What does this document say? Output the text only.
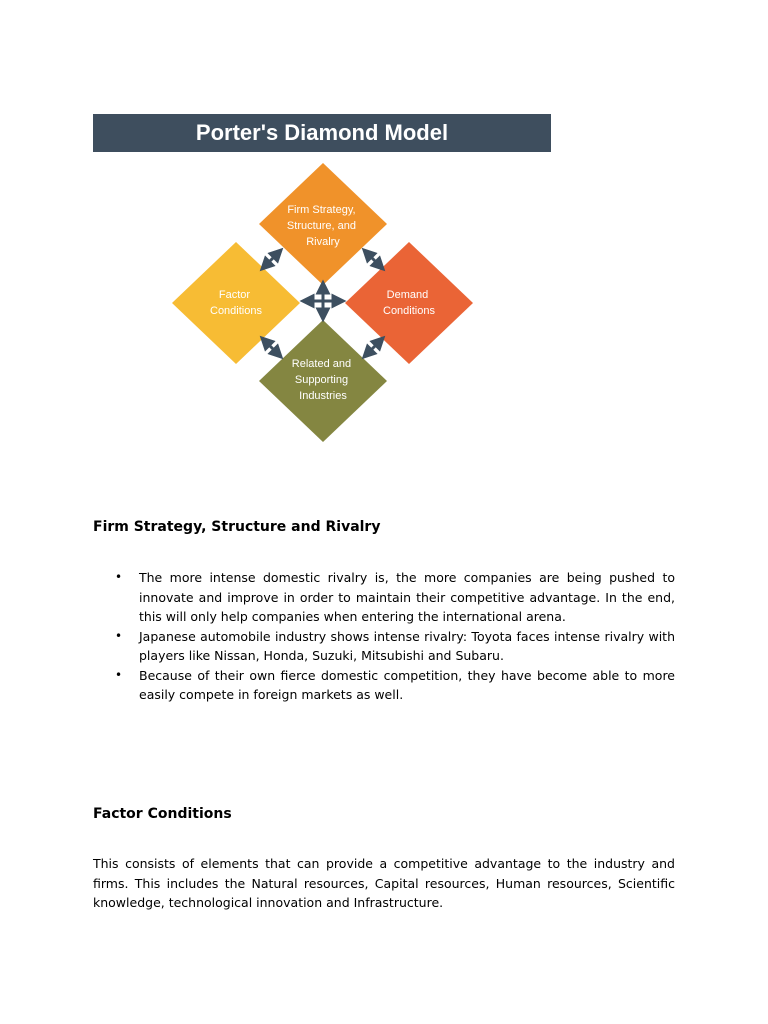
Porter's Diamond Model
Firm Strategy, Structure, and Rivalry
Factor Conditions
Demand Conditions
Related and Supporting Industries
Firm Strategy, Structure and Rivalry
• The more intense domestic rivalry is, the more companies are being pushed to innovate and improve in order to maintain their competitive advantage. In the end, this will only help companies when entering the international arena.
• Japanese automobile industry shows intense rivalry: Toyota faces intense rivalry with players like Nissan, Honda, Suzuki, Mitsubishi and Subaru.
• Because of their own fierce domestic competition, they have become able to more easily compete in foreign markets as well.
Factor Conditions

This consists of elements that can provide a competitive advantage to the industry and firms. This includes the Natural resources, Capital resources, Human resources, Scientific knowledge, technological innovation and Infrastructure.
